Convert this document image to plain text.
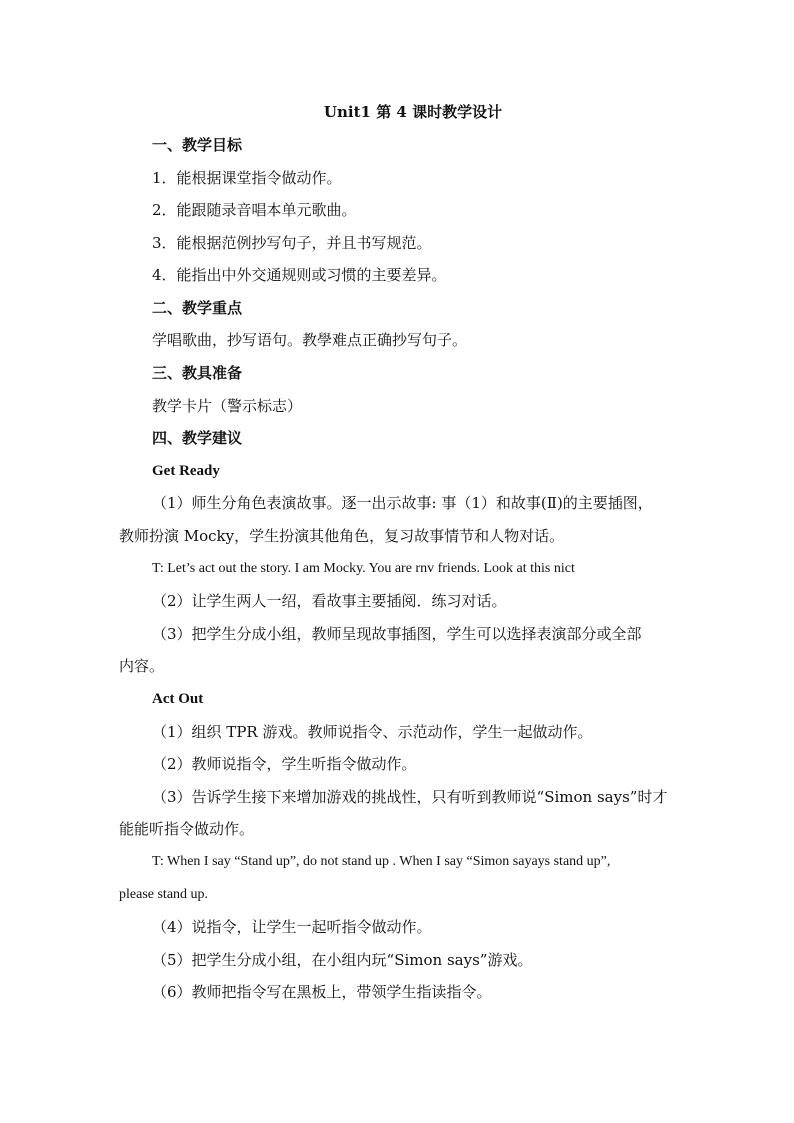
Unit1 第 4 课时教学设计
一、教学目标
1．能根据课堂指令做动作。
2．能跟随录音唱本单元歌曲。
3．能根据范例抄写句子，并且书写规范。
4．能指出中外交通规则或习惯的主要差异。
二、教学重点
学唱歌曲，抄写语句。教學难点正确抄写句子。
三、教具准备
教学卡片（警示标志）
四、教学建议
Get Ready
（1）师生分角色表演故事。逐一出示故事: 事（1）和故事(Ⅱ)的主要插图，
教师扮演 Mocky，学生扮演其他角色，复习故事情节和人物对话。
T: Let’s act out the story. I am Mocky. You are rnv friends. Look at this nict
（2）让学生两人一绍，看故事主要插阅．练习对话。
（3）把学生分成小组，教师呈现故事插图，学生可以选择表演部分或全部
内容。
Act Out
（1）组织 TPR 游戏。教师说指令、示范动作，学生一起做动作。
（2）教师说指令，学生听指令做动作。
（3）告诉学生接下来增加游戏的挑战性，只有听到教师说“Simon says”时才
能能听指令做动作。
T: When I say “Stand up”, do not stand up . When I say “Simon sayays stand up”,
please stand up.
（4）说指令，让学生一起听指令做动作。
（5）把学生分成小组，在小组内玩“Simon says”游戏。
（6）教师把指令写在黑板上，带领学生指读指令。
